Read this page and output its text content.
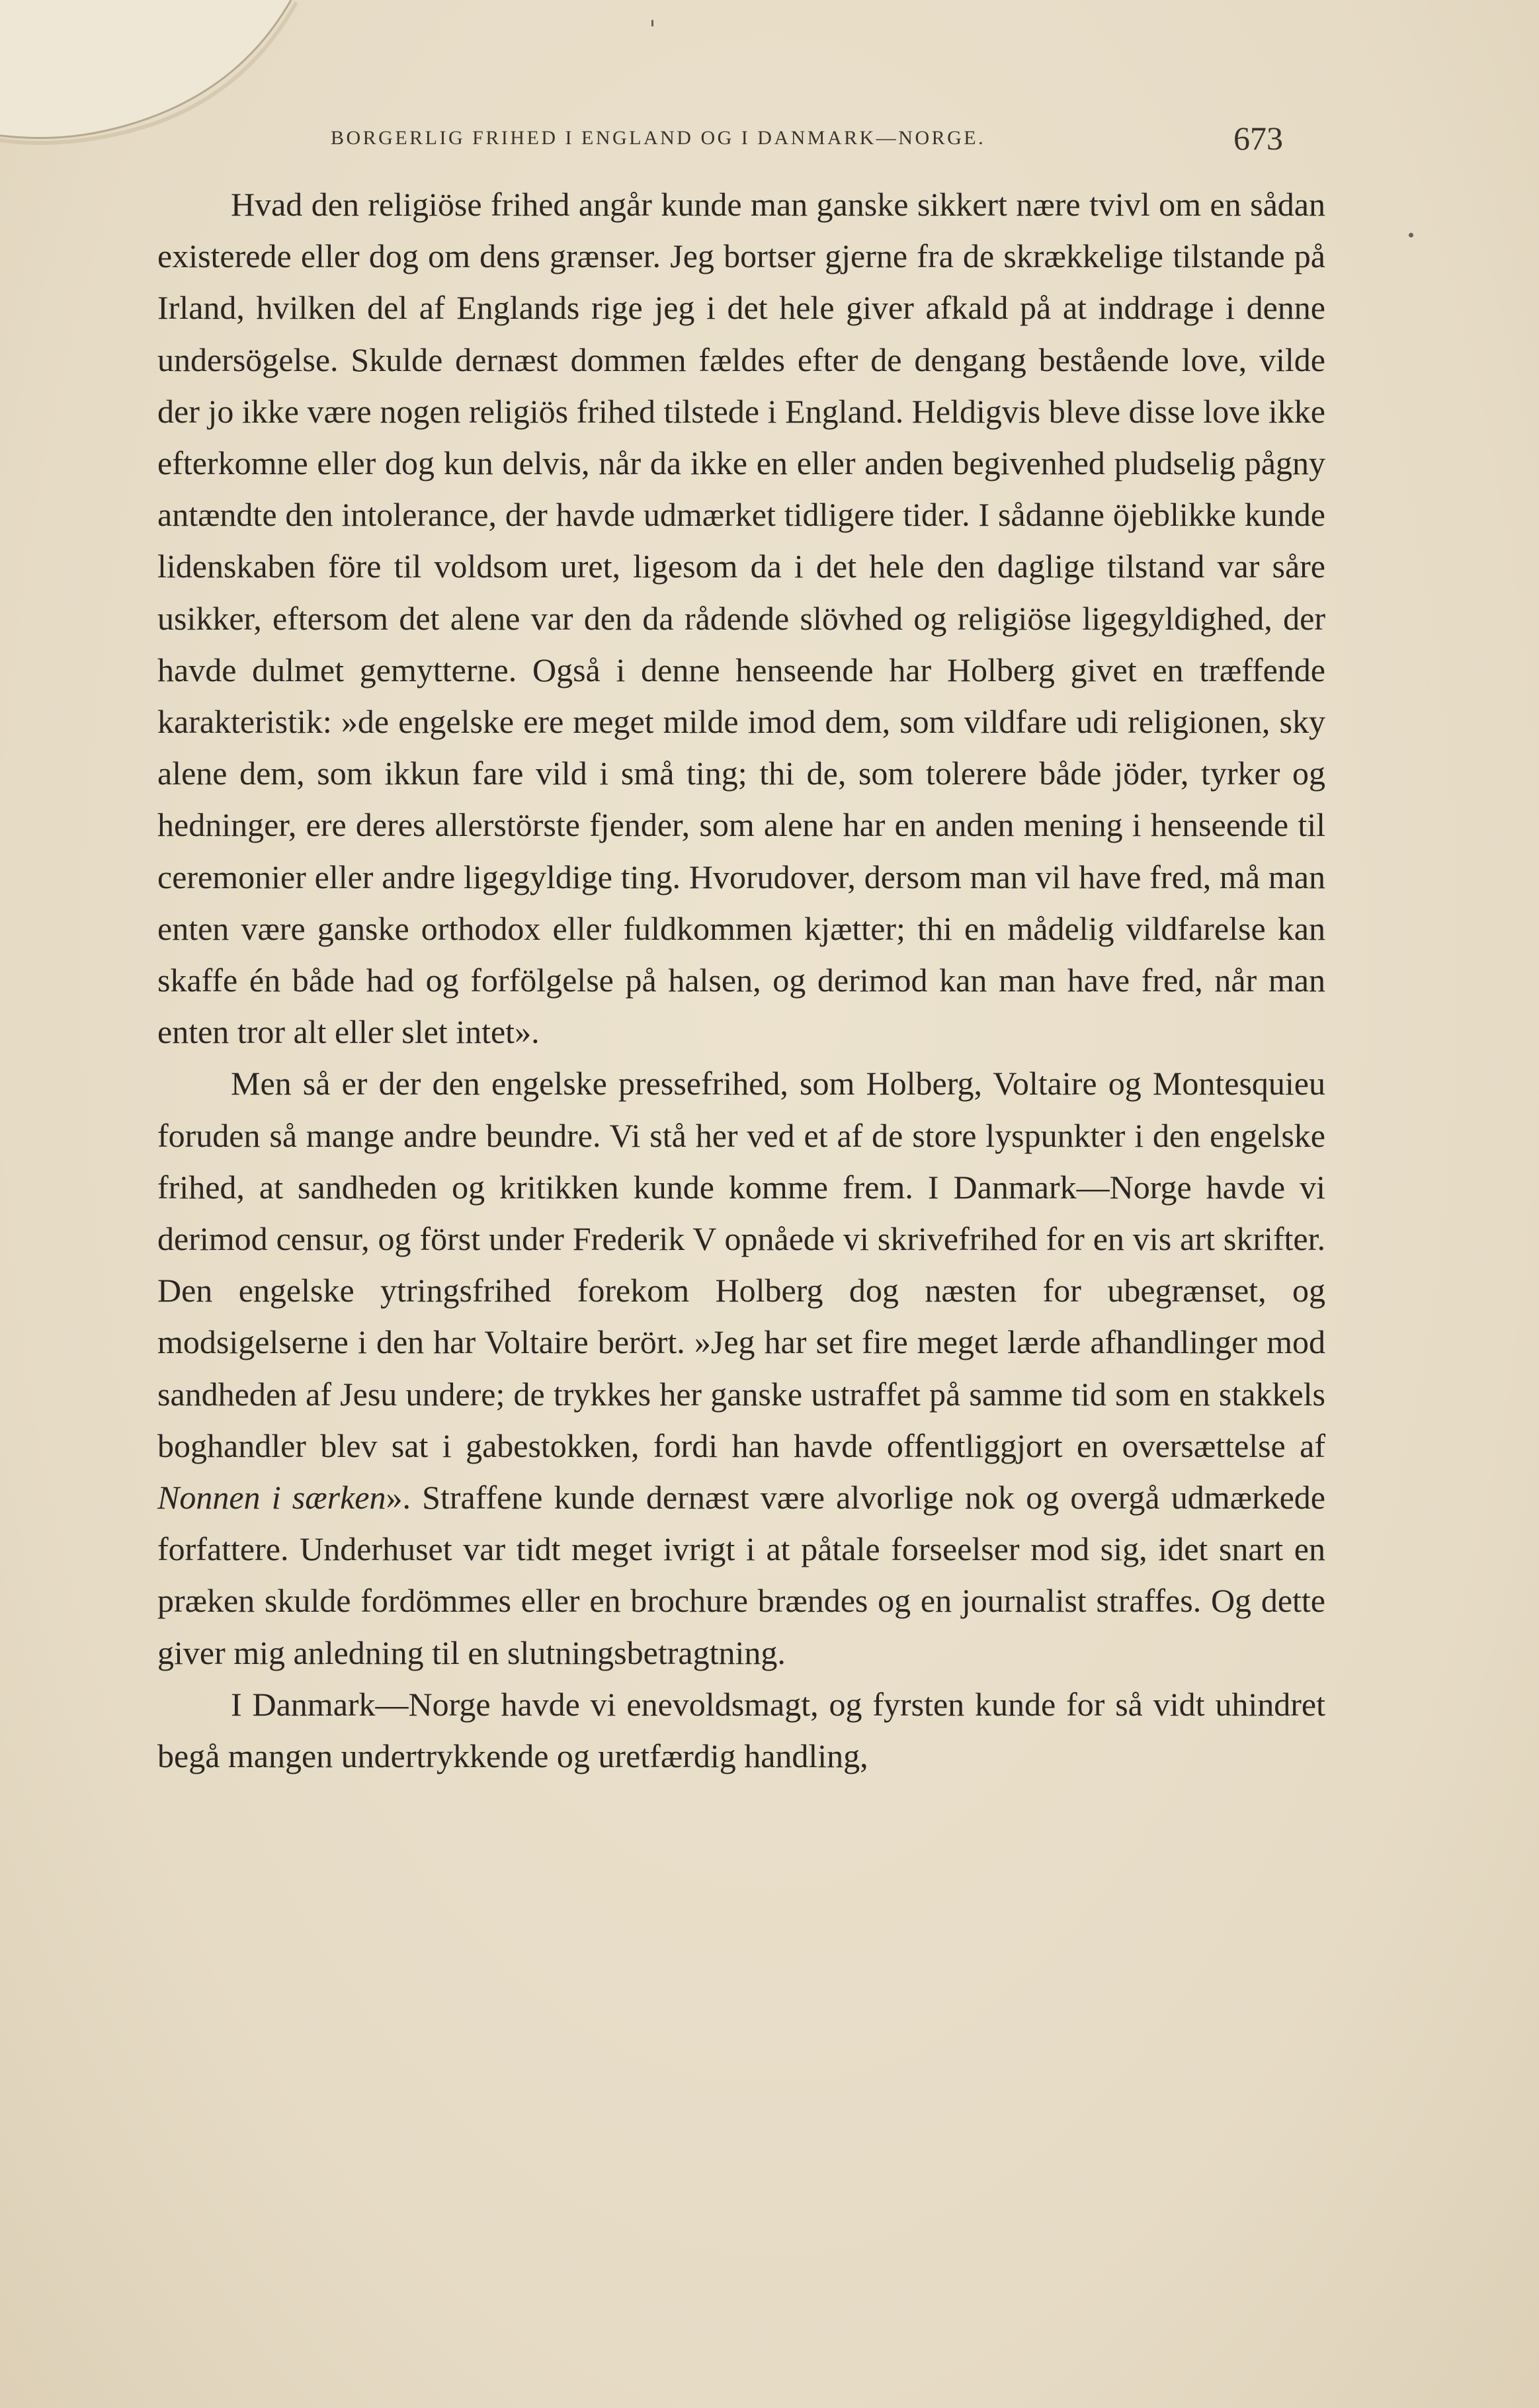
BORGERLIG FRIHED I ENGLAND OG I DANMARK—NORGE.	673

Hvad den religiöse frihed angår kunde man ganske sikkert nære tvivl om en sådan existerede eller dog om dens grænser. Jeg bortser gjerne fra de skrækkelige tilstande på Irland, hvilken del af Englands rige jeg i det hele giver afkald på at inddrage i denne undersögelse. Skulde dernæst dommen fældes efter de dengang bestående love, vilde der jo ikke være nogen religiös frihed tilstede i England. Heldigvis bleve disse love ikke efterkomne eller dog kun delvis, når da ikke en eller anden begivenhed pludselig pågny antændte den intolerance, der havde udmærket tidligere tider. I sådanne öjeblikke kunde lidenskaben före til voldsom uret, ligesom da i det hele den daglige tilstand var såre usikker, eftersom det alene var den da rådende slövhed og religiöse ligegyldighed, der havde dulmet gemytterne. Også i denne henseende har Holberg givet en træffende karakteristik: »de engelske ere meget milde imod dem, som vildfare udi religionen, sky alene dem, som ikkun fare vild i små ting; thi de, som tolerere både jöder, tyrker og hedninger, ere deres allerstörste fjender, som alene har en anden mening i henseende til ceremonier eller andre ligegyldige ting. Hvorudover, dersom man vil have fred, må man enten være ganske orthodox eller fuldkommen kjætter; thi en mådelig vildfarelse kan skaffe én både had og forfölgelse på halsen, og derimod kan man have fred, når man enten tror alt eller slet intet».

Men så er der den engelske pressefrihed, som Holberg, Voltaire og Montesquieu foruden så mange andre beundre. Vi stå her ved et af de store lyspunkter i den engelske frihed, at sandheden og kritikken kunde komme frem. I Danmark—Norge havde vi derimod censur, og först under Frederik V opnåede vi skrivefrihed for en vis art skrifter. Den engelske ytringsfrihed forekom Holberg dog næsten for ubegrænset, og modsigelserne i den har Voltaire berört. »Jeg har set fire meget lærde afhandlinger mod sandheden af Jesu undere; de trykkes her ganske ustraffet på samme tid som en stakkels boghandler blev sat i gabestokken, fordi han havde offentliggjort en oversættelse af Nonnen i særken». Straffene kunde dernæst være alvorlige nok og overgå udmærkede forfattere. Underhuset var tidt meget ivrigt i at påtale forseelser mod sig, idet snart en præken skulde fordömmes eller en brochure brændes og en journalist straffes. Og dette giver mig anledning til en slutningsbetragtning.

I Danmark—Norge havde vi enevoldsmagt, og fyrsten kunde for så vidt uhindret begå mangen undertrykkende og uretfærdig handling,
